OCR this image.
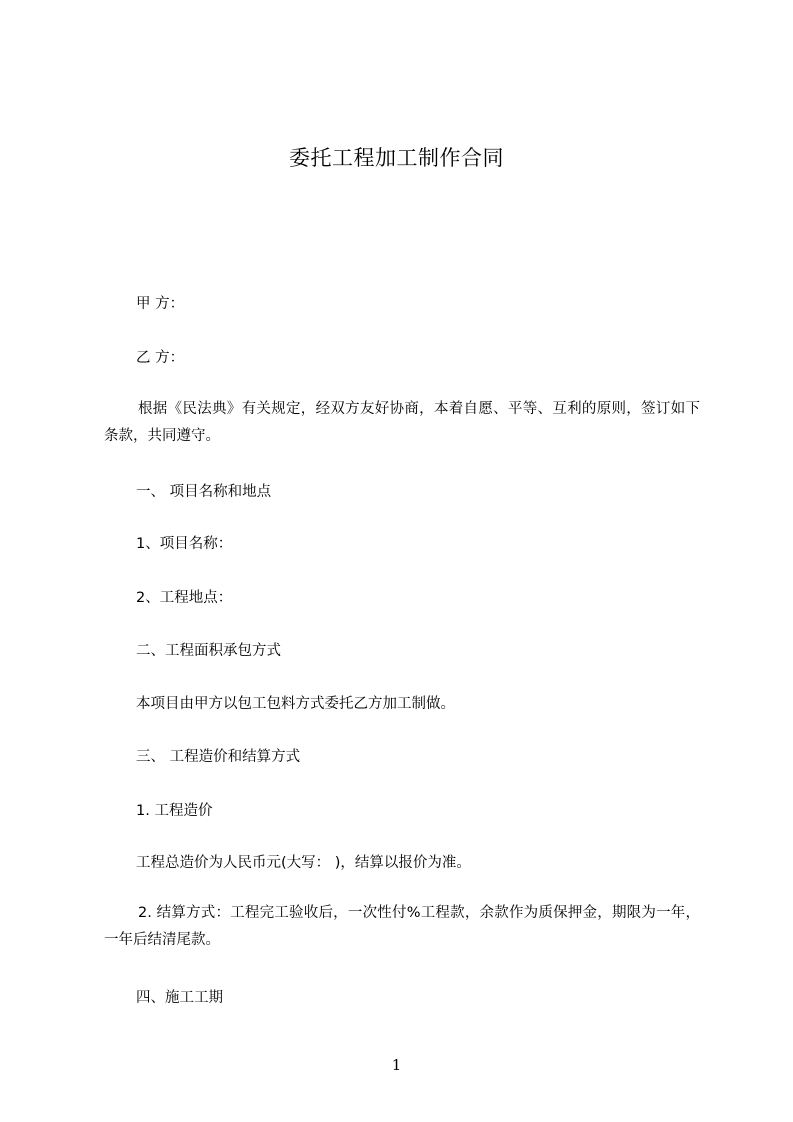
委托工程加工制作合同
甲 方：
乙 方：
根据《民法典》有关规定，经双方友好协商，本着自愿、平等、互利的原则，签订如下条款，共同遵守。
一、 项目名称和地点
1、项目名称：
2、工程地点：
二、工程面积承包方式
本项目由甲方以包工包料方式委托乙方加工制做。
三、 工程造价和结算方式
1. 工程造价
工程总造价为人民币元(大写： )，结算以报价为准。
2. 结算方式：工程完工验收后，一次性付%工程款，余款作为质保押金，期限为一年，一年后结清尾款。
四、施工工期
1
